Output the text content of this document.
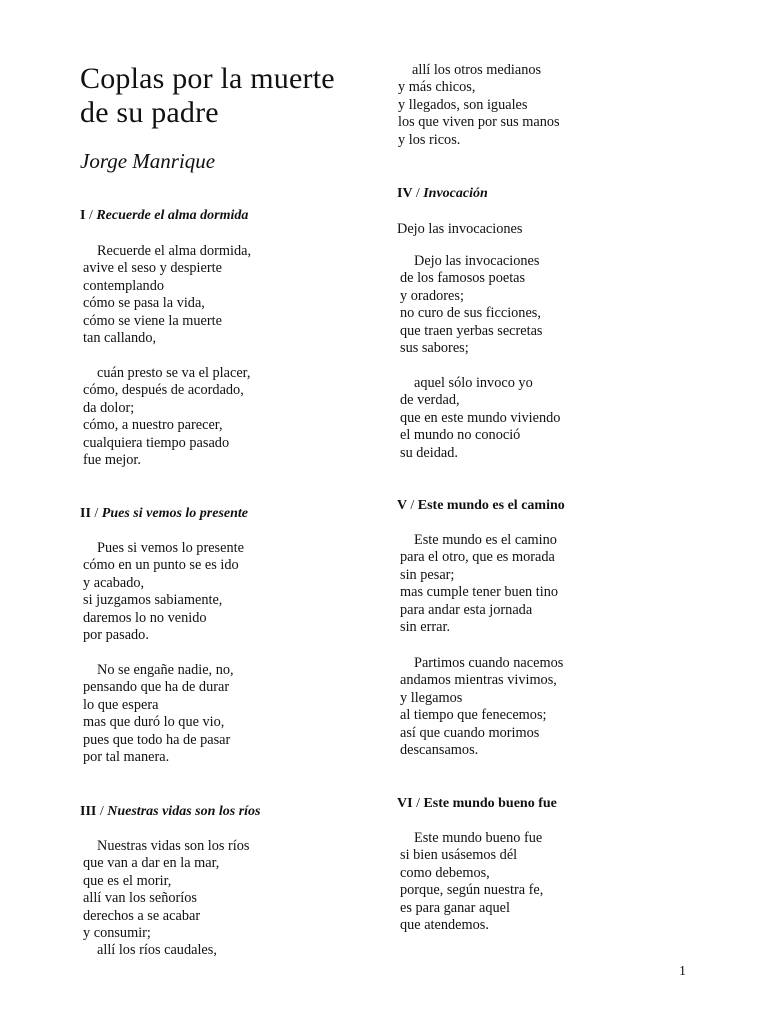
Coplas por la muerte
de su padre
Jorge Manrique
I / Recuerde el alma dormida
Recuerde el alma dormida,
avive el seso y despierte
contemplando
cómo se pasa la vida,
cómo se viene la muerte
tan callando,
cuán presto se va el placer,
cómo, después de acordado,
da dolor;
cómo, a nuestro parecer,
cualquiera tiempo pasado
fue mejor.
II / Pues si vemos lo presente
Pues si vemos lo presente
cómo en un punto se es ido
y acabado,
si juzgamos sabiamente,
daremos lo no venido
por pasado.
No se engañe nadie, no,
pensando que ha de durar
lo que espera
mas que duró lo que vio,
pues que todo ha de pasar
por tal manera.
III / Nuestras vidas son los ríos
Nuestras vidas son los ríos
que van a dar en la mar,
que es el morir,
allí van los señoríos
derechos a se acabar
y consumir;
allí los ríos caudales,
allí los otros medianos
y más chicos,
y llegados, son iguales
los que viven por sus manos
y los ricos.
IV / Invocación
Dejo las invocaciones
Dejo las invocaciones
de los famosos poetas
y oradores;
no curo de sus ficciones,
que traen yerbas secretas
sus sabores;
aquel sólo invoco yo
de verdad,
que en este mundo viviendo
el mundo no conoció
su deidad.
V / Este mundo es el camino
Este mundo es el camino
para el otro, que es morada
sin pesar;
mas cumple tener buen tino
para andar esta jornada
sin errar.
Partimos cuando nacemos
andamos mientras vivimos,
y llegamos
al tiempo que fenecemos;
así que cuando morimos
descansamos.
VI / Este mundo bueno fue
Este mundo bueno fue
si bien usásemos dél
como debemos,
porque, según nuestra fe,
es para ganar aquel
que atendemos.
1
